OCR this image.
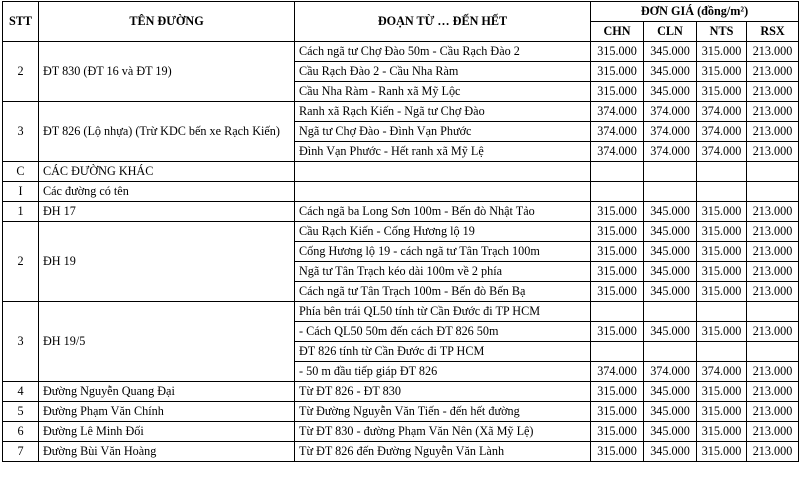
STT	TÊN ĐƯỜNG	ĐOẠN TỪ … ĐẾN HẾT	ĐƠN GIÁ (đồng/m²)			
			CHN	CLN	NTS	RSX
2	ĐT 830 (ĐT 16 và ĐT 19)	Cách ngã tư Chợ Đào 50m - Cầu Rạch Đào 2	315.000	345.000	315.000	213.000
		Cầu Rạch Đào 2 - Cầu Nha Ràm	315.000	345.000	315.000	213.000
		Cầu Nha Ràm - Ranh xã Mỹ Lộc	315.000	345.000	315.000	213.000
3	ĐT 826 (Lộ nhựa) (Trừ KDC bến xe Rạch Kiến)	Ranh xã Rạch Kiến - Ngã tư Chợ Đào	374.000	374.000	374.000	213.000
		Ngã tư Chợ Đào - Đình Vạn Phước	374.000	374.000	374.000	213.000
		Đình Vạn Phước - Hết ranh xã Mỹ Lệ	374.000	374.000	374.000	213.000
C	CÁC ĐƯỜNG KHÁC					
I	Các đường có tên					
1	ĐH 17	Cách ngã ba Long Sơn 100m - Bến đò Nhật Tảo	315.000	345.000	315.000	213.000
2	ĐH 19	Cầu Rạch Kiến - Cống Hương lộ 19	315.000	345.000	315.000	213.000
		Cống Hương lộ 19 - cách ngã tư Tân Trạch 100m	315.000	345.000	315.000	213.000
		Ngã tư Tân Trạch kéo dài 100m về 2 phía	315.000	345.000	315.000	213.000
		Cách ngã tư Tân Trạch 100m - Bến đò Bến Bạ	315.000	345.000	315.000	213.000
3	ĐH 19/5	Phía bên trái QL50 tính từ Cần Đước đi TP HCM				
		- Cách QL50 50m đến cách ĐT 826 50m	315.000	345.000	315.000	213.000
		ĐT 826 tính từ Cần Đước đi TP HCM				
		- 50 m đầu tiếp giáp ĐT 826	374.000	374.000	374.000	213.000
4	Đường Nguyễn Quang Đại	Từ ĐT 826 - ĐT 830	315.000	345.000	315.000	213.000
5	Đường Phạm Văn Chính	Từ Đường Nguyễn Văn Tiến - đến hết đường	315.000	345.000	315.000	213.000
6	Đường Lê Minh Đối	Từ ĐT 830 - đường Phạm Văn Nên (Xã Mỹ Lệ)	315.000	345.000	315.000	213.000
7	Đường Bùi Văn Hoàng	Từ ĐT 826 đến Đường Nguyễn Văn Lành	315.000	345.000	315.000	213.000
